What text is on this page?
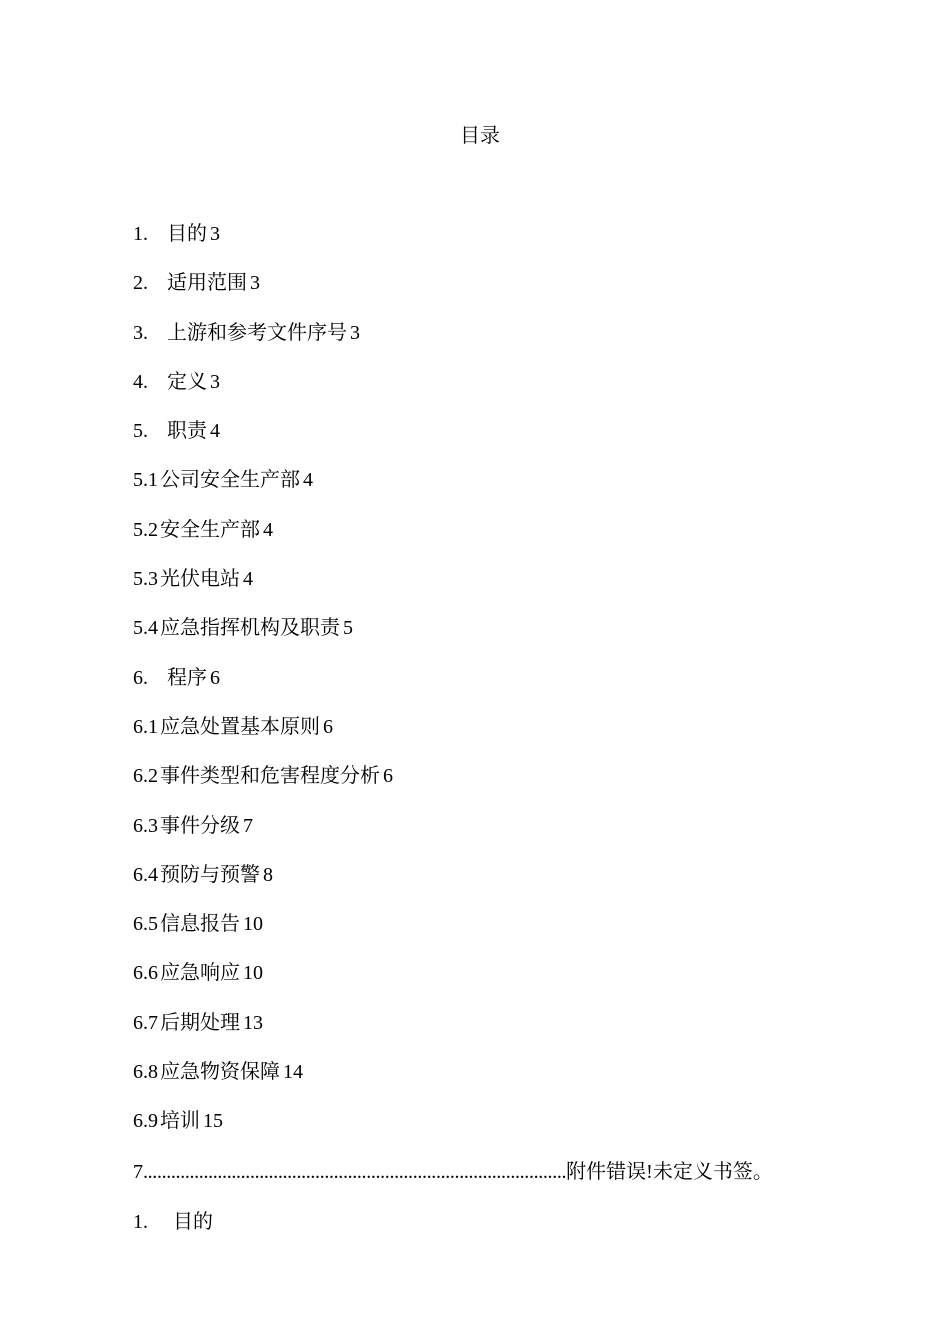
目录
1. 目的 3
2. 适用范围 3
3. 上游和参考文件序号 3
4. 定义 3
5. 职责 4
5.1 公司安全生产部 4
5.2 安全生产部 4
5.3 光伏电站 4
5.4 应急指挥机构及职责 5
6. 程序 6
6.1 应急处置基本原则 6
6.2 事件类型和危害程度分析 6
6.3 事件分级 7
6.4 预防与预警 8
6.5 信息报告 10
6.6 应急响应 10
6.7 后期处理 13
6.8 应急物资保障 14
6.9 培训 15
7...........................................................................................附件错误!未定义书签。
1. 目的
